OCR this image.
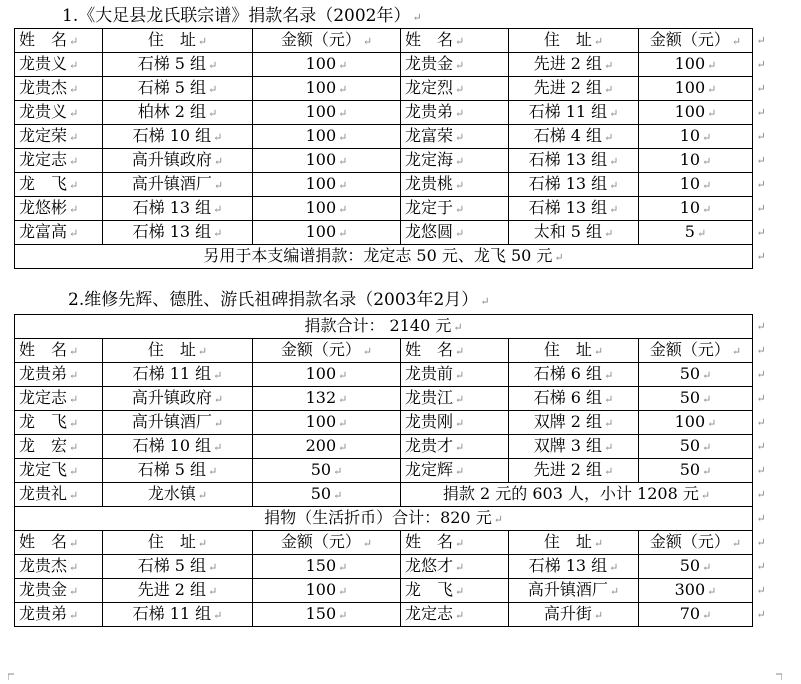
1.《大足县龙氏联宗谱》捐款名录（2002年） ↵
姓　名 ↵	住　址 ↵	金额（元） ↵	姓　名 ↵	住　址 ↵	金额（元） ↵
龙贵义 ↵	石梯 5 组 ↵	100 ↵	龙贵金 ↵	先进 2 组 ↵	100 ↵
龙贵杰 ↵	石梯 5 组 ↵	100 ↵	龙定烈 ↵	先进 2 组 ↵	100 ↵
龙贵义 ↵	柏林 2 组 ↵	100 ↵	龙贵弟 ↵	石梯 11 组 ↵	100 ↵
龙定荣 ↵	石梯 10 组 ↵	100 ↵	龙富荣 ↵	石梯 4 组 ↵	10 ↵
龙定志 ↵	高升镇政府 ↵	100 ↵	龙定海 ↵	石梯 13 组 ↵	10 ↵
龙　飞 ↵	高升镇酒厂 ↵	100 ↵	龙贵桃 ↵	石梯 13 组 ↵	10 ↵
龙悠彬 ↵	石梯 13 组 ↵	100 ↵	龙定于 ↵	石梯 13 组 ↵	10 ↵
龙富高 ↵	石梯 13 组 ↵	100 ↵	龙悠圆 ↵	太和 5 组 ↵	5 ↵
另用于本支编谱捐款：龙定志 50 元、龙飞 50 元 ↵					
2.维修先辉、德胜、游氏祖碑捐款名录（2003年2月） ↵
捐款合计： 2140 元 ↵					
姓　名 ↵	住　址 ↵	金额（元） ↵	姓　名 ↵	住　址 ↵	金额（元） ↵
龙贵弟 ↵	石梯 11 组 ↵	100 ↵	龙贵前 ↵	石梯 6 组 ↵	50 ↵
龙定志 ↵	高升镇政府 ↵	132 ↵	龙贵江 ↵	石梯 6 组 ↵	50 ↵
龙　飞 ↵	高升镇酒厂 ↵	100 ↵	龙贵刚 ↵	双牌 2 组 ↵	100 ↵
龙　宏 ↵	石梯 10 组 ↵	200 ↵	龙贵才 ↵	双牌 3 组 ↵	50 ↵
龙定飞 ↵	石梯 5 组 ↵	50 ↵	龙定辉 ↵	先进 2 组 ↵	50 ↵
龙贵礼 ↵	龙水镇 ↵	50 ↵	捐款 2 元的 603 人，小计 1208 元 ↵		
捐物（生活折币）合计：820 元 ↵					
姓　名 ↵	住　址 ↵	金额（元） ↵	姓　名 ↵	住　址 ↵	金额（元） ↵
龙贵杰 ↵	石梯 5 组 ↵	150 ↵	龙悠才 ↵	石梯 13 组 ↵	50 ↵
龙贵金 ↵	先进 2 组 ↵	100 ↵	龙　飞 ↵	高升镇酒厂 ↵	300 ↵
龙贵弟 ↵	石梯 11 组 ↵	150 ↵	龙定志 ↵	高升街 ↵	70 ↵
↵
↵
↵
↵
↵
↵
↵
↵
↵
↵
↵
↵
↵
↵
↵
↵
↵
↵
↵
↵
↵
↵
↵
